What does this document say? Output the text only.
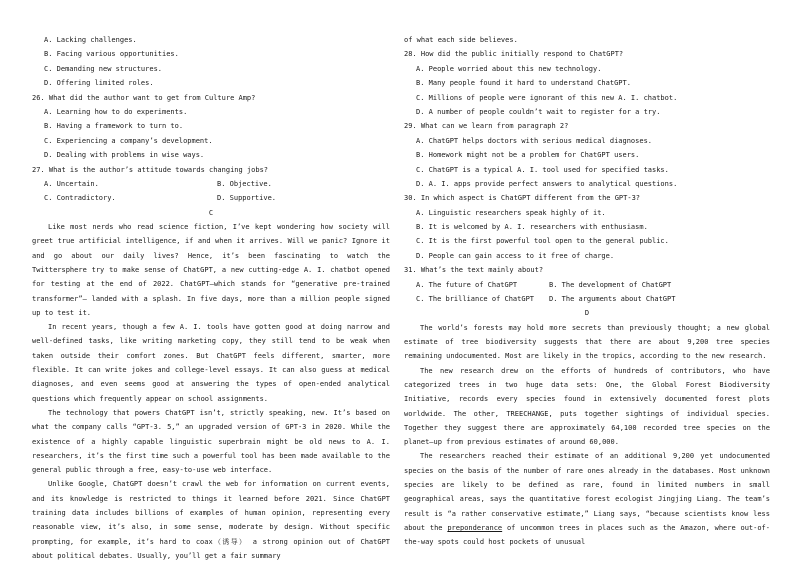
A. Lacking challenges.
B. Facing various opportunities.
C. Demanding new structures.
D. Offering limited roles.
26. What did the author want to get from Culture Amp?
A. Learning how to do experiments.
B. Having a framework to turn to.
C. Experiencing a company’s development.
D. Dealing with problems in wise ways.
27. What is the author’s attitude towards changing jobs?
A. Uncertain.	B. Objective.
C. Contradictory.	D. Supportive.
C

Like most nerds who read science fiction, I’ve kept wondering how society will greet true artificial intelligence, if and when it arrives. Will we panic? Ignore it and go about our daily lives? Hence, it’s been fascinating to watch the Twittersphere try to make sense of ChatGPT, a new cutting-edge A. I. chatbot opened for testing at the end of 2022. ChatGPT—which stands for “generative pre-trained transformer”— landed with a splash. In five days, more than a million people signed up to test it.

In recent years, though a few A. I. tools have gotten good at doing narrow and well-defined tasks, like writing marketing copy, they still tend to be weak when taken outside their comfort zones. But ChatGPT feels different, smarter, more flexible. It can write jokes and college-level essays. It can also guess at medical diagnoses, and even seems good at answering the types of open-ended analytical questions which frequently appear on school assignments.

The technology that powers ChatGPT isn’t, strictly speaking, new. It’s based on what the company calls “GPT-3. 5,” an upgraded version of GPT-3 in 2020. While the existence of a highly capable linguistic superbrain might be old news to A. I. researchers, it’s the first time such a powerful tool has been made available to the general public through a free, easy-to-use web interface.

Unlike Google, ChatGPT doesn’t crawl the web for information on current events, and its knowledge is restricted to things it learned before 2021. Since ChatGPT training data includes billions of examples of human opinion, representing every reasonable view, it’s also, in some sense, moderate by design. Without specific prompting, for example, it’s hard to coax（诱导） a strong opinion out of ChatGPT about political debates. Usually, you’ll get a fair summary

of what each side believes.
28. How did the public initially respond to ChatGPT?
A. People worried about this new technology.
B. Many people found it hard to understand ChatGPT.
C. Millions of people were ignorant of this new A. I. chatbot.
D. A number of people couldn’t wait to register for a try.
29. What can we learn from paragraph 2?
A. ChatGPT helps doctors with serious medical diagnoses.
B. Homework might not be a problem for ChatGPT users.
C. ChatGPT is a typical A. I. tool used for specified tasks.
D. A. I. apps provide perfect answers to analytical questions.
30. In which aspect is ChatGPT different from the GPT-3?
A. Linguistic researchers speak highly of it.
B. It is welcomed by A. I. researchers with enthusiasm.
C. It is the first powerful tool open to the general public.
D. People can gain access to it free of charge.
31. What’s the text mainly about?
A. The future of ChatGPT	B. The development of ChatGPT
C. The brilliance of ChatGPT	D. The arguments about ChatGPT
D

The world’s forests may hold more secrets than previously thought; a new global estimate of tree biodiversity suggests that there are about 9,200 tree species remaining undocumented. Most are likely in the tropics, according to the new research.

The new research drew on the efforts of hundreds of contributors, who have categorized trees in two huge data sets: One, the Global Forest Biodiversity Initiative, records every species found in extensively documented forest plots worldwide. The other, TREECHANGE, puts together sightings of individual species. Together they suggest there are approximately 64,100 recorded tree species on the planet—up from previous estimates of around 60,000.

The researchers reached their estimate of an additional 9,200 yet undocumented species on the basis of the number of rare ones already in the databases. Most unknown species are likely to be defined as rare, found in limited numbers in small geographical areas, says the quantitative forest ecologist Jingjing Liang. The team’s result is “a rather conservative estimate,” Liang says, “because scientists know less about the preponderance of uncommon trees in places such as the Amazon, where out-of-the-way spots could host pockets of unusual
